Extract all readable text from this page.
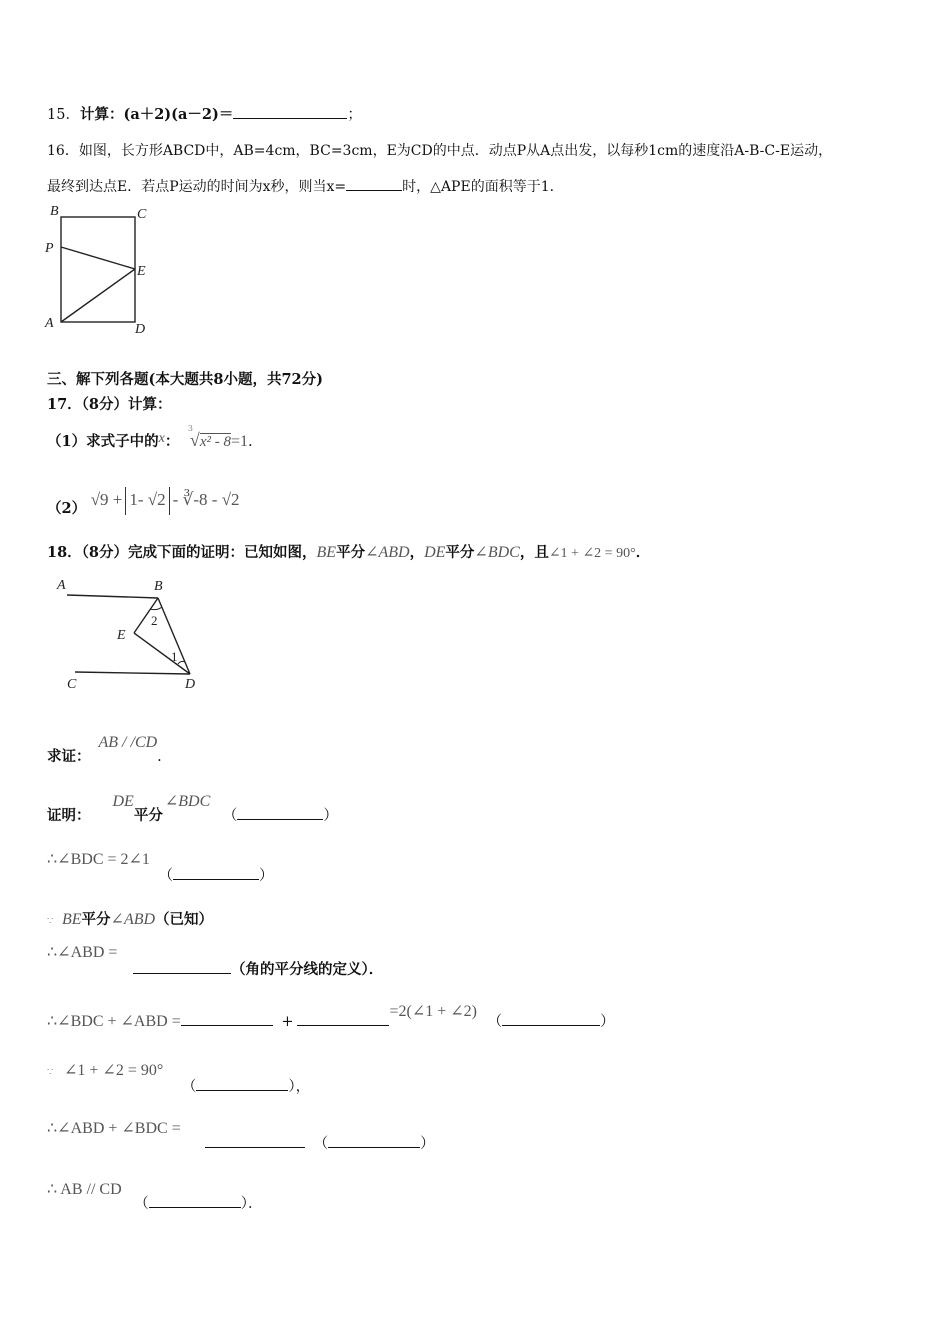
15．计算：(a＋2)(a－2)＝	；
16．如图，长方形ABCD中，AB=4cm，BC=3cm，E为CD的中点．动点P从A点出发，以每秒1cm的速度沿A-B-C-E运动，
最终到达点E．若点P运动的时间为x秒，则当x=	时，△APE的面积等于1．
B	C
P
E
A	D
三、解下列各题(本大题共8小题，共72分)
17．（8分）计算：
（1）求式子中的x：
3
√x² - 8=1.
（2） √9 + 1- √2 - ∛-8 - √2
18．（8分）完成下面的证明：已知如图，BE平分∠ABD，DE平分∠BDC，且∠1 + ∠2 = 90°．
A	B
E
C	D
1
2
求证：AB / /CD.
证明：DE平分∠BDC （	）
∴∠BDC = 2∠1 （	）
∵ BE平分∠ABD（已知）
∴∠ABD =
（角的平分线的定义）．
∴∠BDC + ∠ABD =	+=2(∠1 + ∠2) （	）
∵ ∠1 + ∠2 = 90° （	），
∴∠ABD + ∠BDC =
（	）
∴ AB // CD （	）．
